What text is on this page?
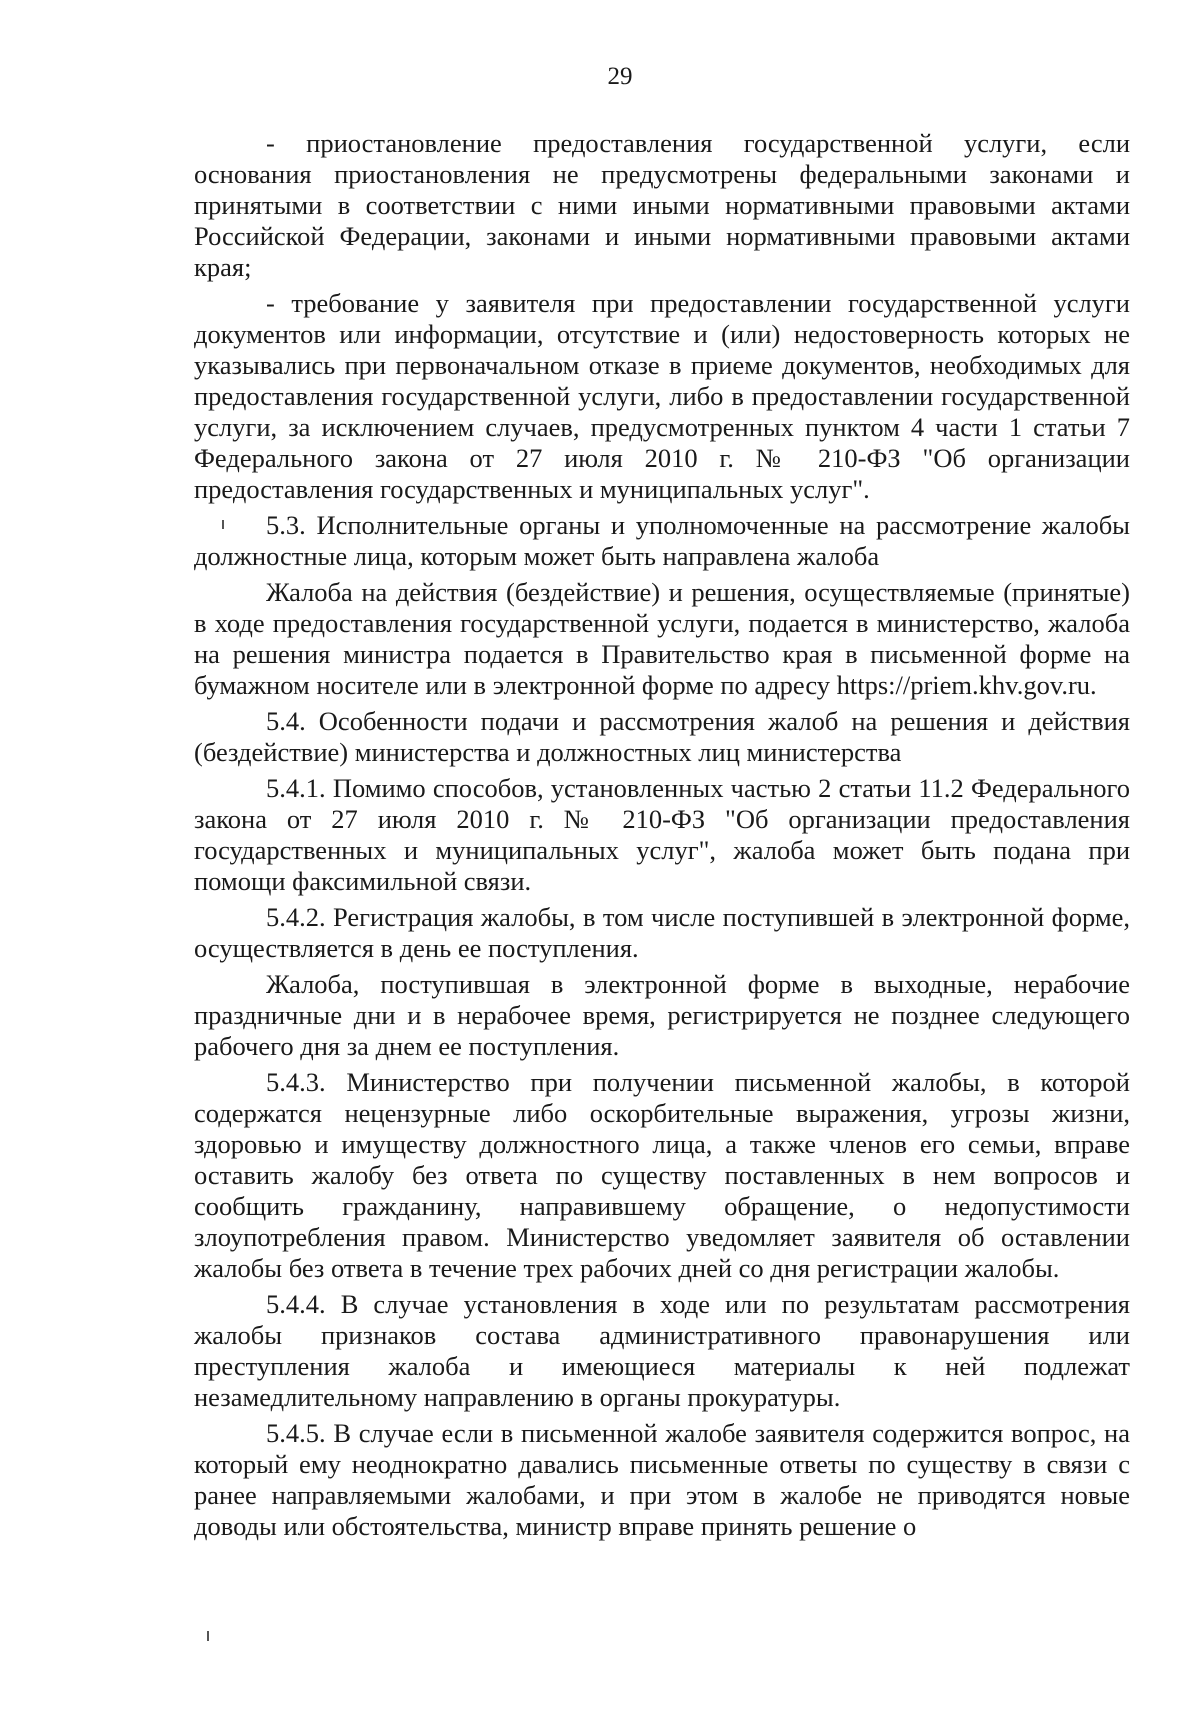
29

- приостановление предоставления государственной услуги, если основания приостановления не предусмотрены федеральными законами и принятыми в соответствии с ними иными нормативными правовыми актами Российской Федерации, законами и иными нормативными правовыми актами края;

- требование у заявителя при предоставлении государственной услуги документов или информации, отсутствие и (или) недостоверность которых не указывались при первоначальном отказе в приеме документов, необходимых для предоставления государственной услуги, либо в предоставлении государственной услуги, за исключением случаев, предусмотренных пунктом 4 части 1 статьи 7 Федерального закона от 27 июля 2010 г. № 210-ФЗ "Об организации предоставления государственных и муниципальных услуг".

5.3. Исполнительные органы и уполномоченные на рассмотрение жалобы должностные лица, которым может быть направлена жалоба

Жалоба на действия (бездействие) и решения, осуществляемые (принятые) в ходе предоставления государственной услуги, подается в министерство, жалоба на решения министра подается в Правительство края в письменной форме на бумажном носителе или в электронной форме по адресу https://priem.khv.gov.ru.

5.4. Особенности подачи и рассмотрения жалоб на решения и действия (бездействие) министерства и должностных лиц министерства

5.4.1. Помимо способов, установленных частью 2 статьи 11.2 Федерального закона от 27 июля 2010 г. № 210-ФЗ "Об организации предоставления государственных и муниципальных услуг", жалоба может быть подана при помощи факсимильной связи.

5.4.2. Регистрация жалобы, в том числе поступившей в электронной форме, осуществляется в день ее поступления.

Жалоба, поступившая в электронной форме в выходные, нерабочие праздничные дни и в нерабочее время, регистрируется не позднее следующего рабочего дня за днем ее поступления.

5.4.3. Министерство при получении письменной жалобы, в которой содержатся нецензурные либо оскорбительные выражения, угрозы жизни, здоровью и имуществу должностного лица, а также членов его семьи, вправе оставить жалобу без ответа по существу поставленных в нем вопросов и сообщить гражданину, направившему обращение, о недопустимости злоупотребления правом. Министерство уведомляет заявителя об оставлении жалобы без ответа в течение трех рабочих дней со дня регистрации жалобы.

5.4.4. В случае установления в ходе или по результатам рассмотрения жалобы признаков состава административного правонарушения или преступления жалоба и имеющиеся материалы к ней подлежат незамедлительному направлению в органы прокуратуры.

5.4.5. В случае если в письменной жалобе заявителя содержится вопрос, на который ему неоднократно давались письменные ответы по существу в связи с ранее направляемыми жалобами, и при этом в жалобе не приводятся новые доводы или обстоятельства, министр вправе принять решение о
